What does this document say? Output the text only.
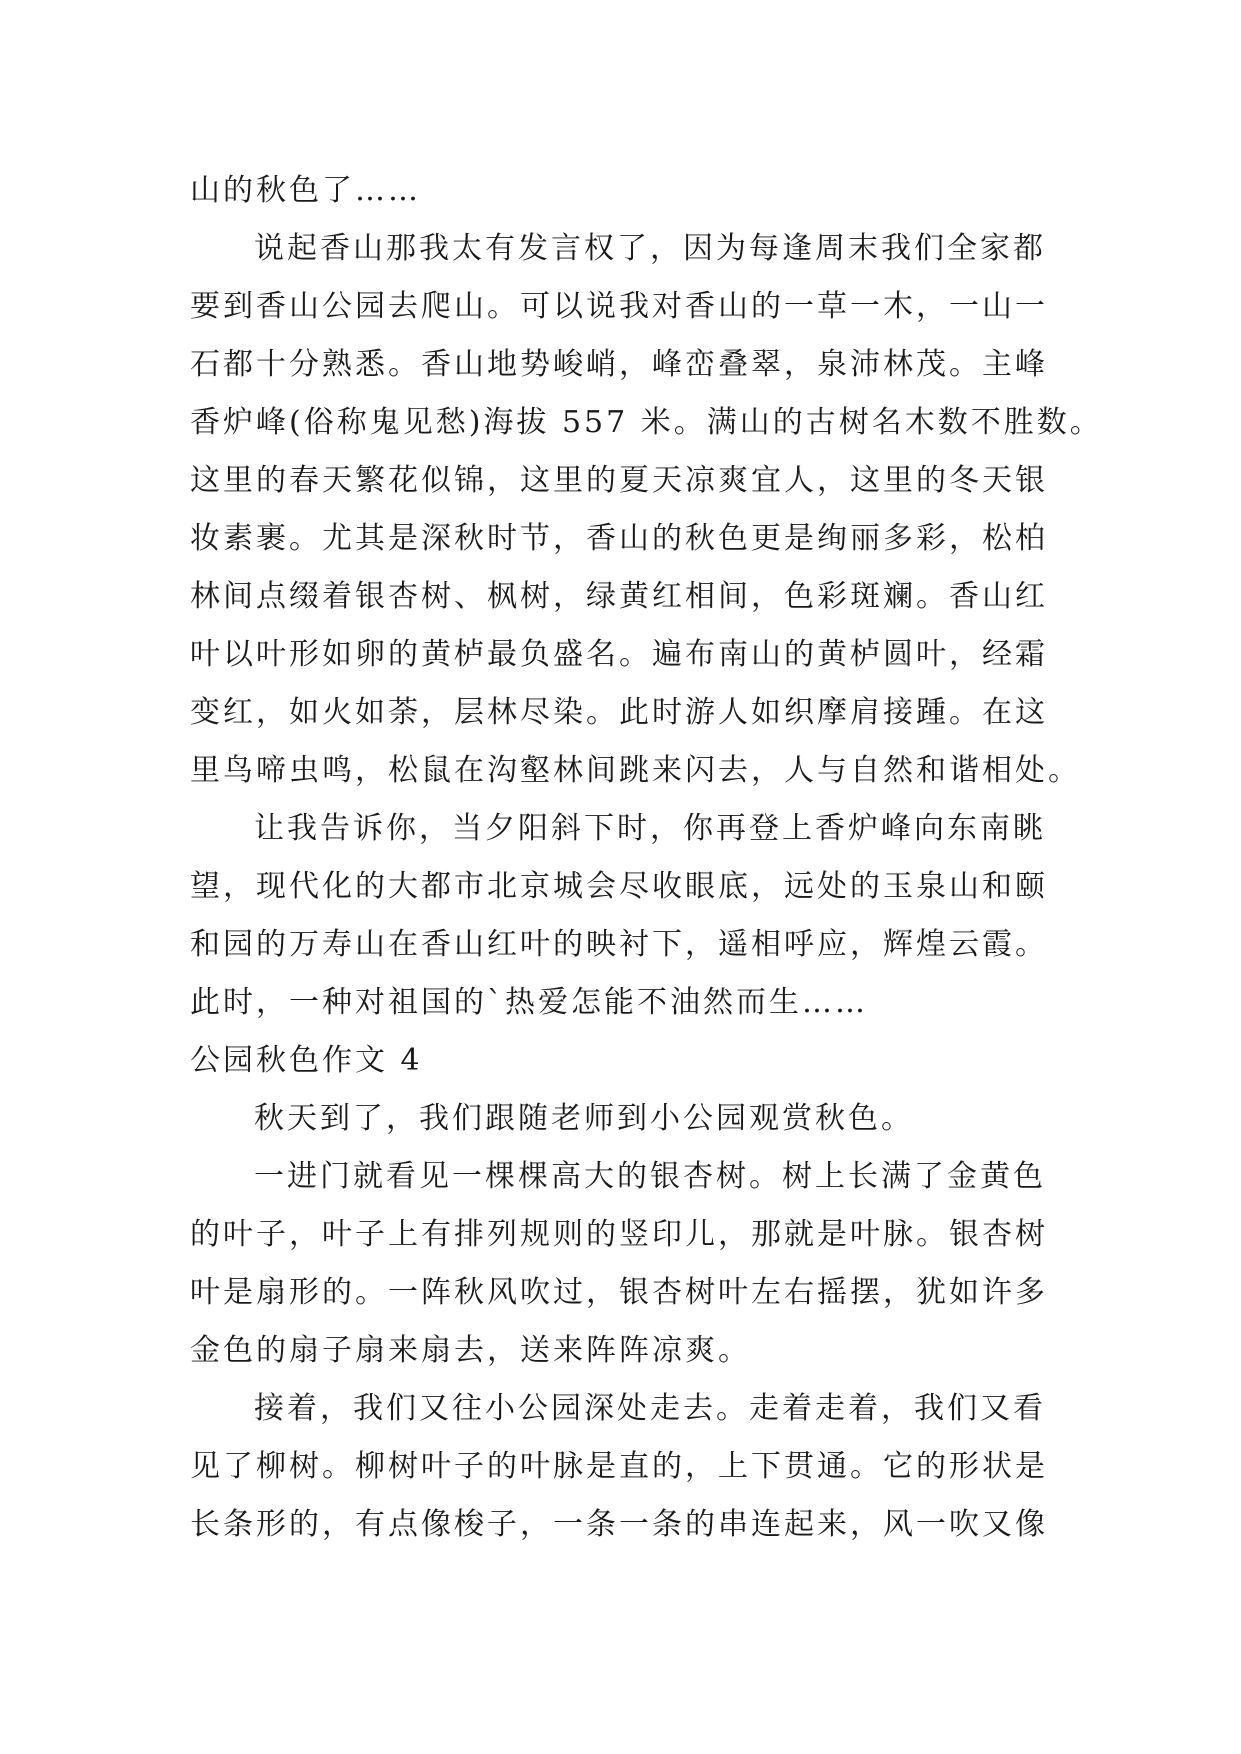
山的秋色了……
说起香山那我太有发言权了，因为每逢周末我们全家都
要到香山公园去爬山。可以说我对香山的一草一木，一山一
石都十分熟悉。香山地势峻峭，峰峦叠翠，泉沛林茂。主峰
香炉峰(俗称鬼见愁)海拔 557 米。满山的古树名木数不胜数。
这里的春天繁花似锦，这里的夏天凉爽宜人，这里的冬天银
妆素裹。尤其是深秋时节，香山的秋色更是绚丽多彩，松柏
林间点缀着银杏树、枫树，绿黄红相间，色彩斑斓。香山红
叶以叶形如卵的黄栌最负盛名。遍布南山的黄栌圆叶，经霜
变红，如火如荼，层林尽染。此时游人如织摩肩接踵。在这
里鸟啼虫鸣，松鼠在沟壑林间跳来闪去，人与自然和谐相处。
让我告诉你，当夕阳斜下时，你再登上香炉峰向东南眺
望，现代化的大都市北京城会尽收眼底，远处的玉泉山和颐
和园的万寿山在香山红叶的映衬下，遥相呼应，辉煌云霞。
此时，一种对祖国的`热爱怎能不油然而生……
公园秋色作文 4
秋天到了，我们跟随老师到小公园观赏秋色。
一进门就看见一棵棵高大的银杏树。树上长满了金黄色
的叶子，叶子上有排列规则的竖印儿，那就是叶脉。银杏树
叶是扇形的。一阵秋风吹过，银杏树叶左右摇摆，犹如许多
金色的扇子扇来扇去，送来阵阵凉爽。
接着，我们又往小公园深处走去。走着走着，我们又看
见了柳树。柳树叶子的叶脉是直的，上下贯通。它的形状是
长条形的，有点像梭子，一条一条的串连起来，风一吹又像
